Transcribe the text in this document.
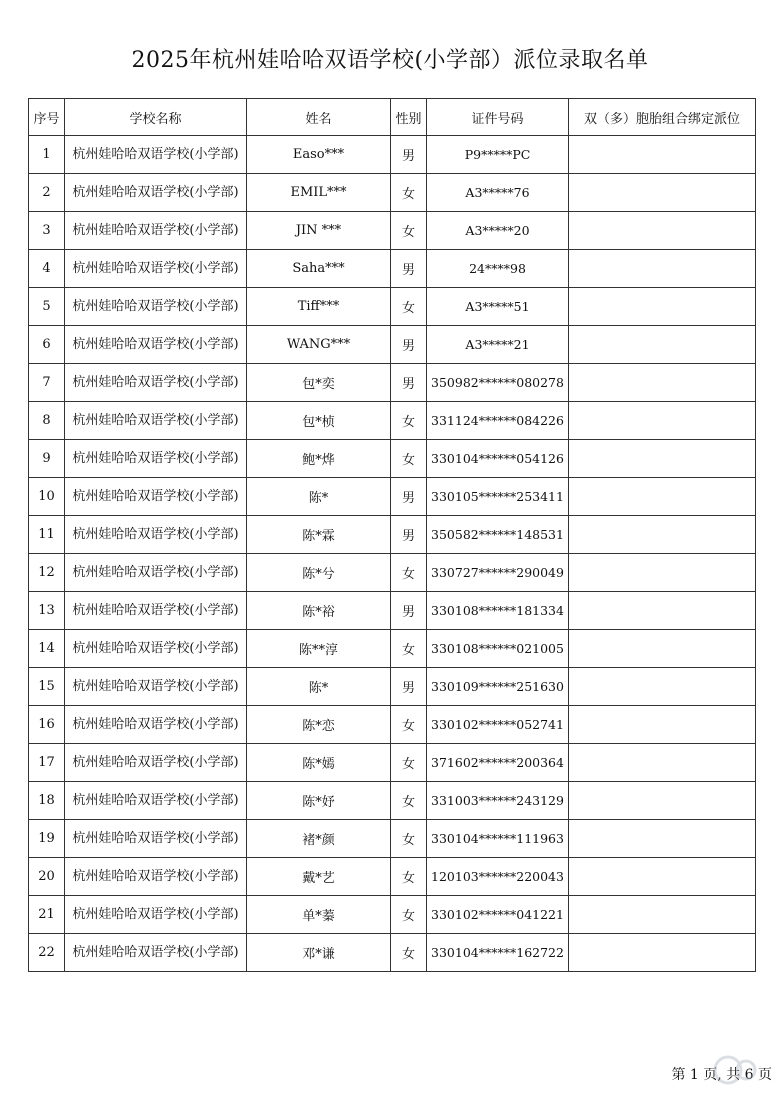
2025年杭州娃哈哈双语学校(小学部）派位录取名单
序号	学校名称	姓名	性别	证件号码	双（多）胞胎组合绑定派位
1	杭州娃哈哈双语学校(小学部)	Easo***	男	P9*****PC	
2	杭州娃哈哈双语学校(小学部)	EMIL***	女	A3*****76	
3	杭州娃哈哈双语学校(小学部)	JIN ***	女	A3*****20	
4	杭州娃哈哈双语学校(小学部)	Saha***	男	24****98	
5	杭州娃哈哈双语学校(小学部)	Tiff***	女	A3*****51	
6	杭州娃哈哈双语学校(小学部)	WANG***	男	A3*****21	
7	杭州娃哈哈双语学校(小学部)	包*奕	男	350982******080278	
8	杭州娃哈哈双语学校(小学部)	包*桢	女	331124******084226	
9	杭州娃哈哈双语学校(小学部)	鲍*烨	女	330104******054126	
10	杭州娃哈哈双语学校(小学部)	陈*	男	330105******253411	
11	杭州娃哈哈双语学校(小学部)	陈*霖	男	350582******148531	
12	杭州娃哈哈双语学校(小学部)	陈*兮	女	330727******290049	
13	杭州娃哈哈双语学校(小学部)	陈*裕	男	330108******181334	
14	杭州娃哈哈双语学校(小学部)	陈**淳	女	330108******021005	
15	杭州娃哈哈双语学校(小学部)	陈*	男	330109******251630	
16	杭州娃哈哈双语学校(小学部)	陈*恋	女	330102******052741	
17	杭州娃哈哈双语学校(小学部)	陈*嫣	女	371602******200364	
18	杭州娃哈哈双语学校(小学部)	陈*妤	女	331003******243129	
19	杭州娃哈哈双语学校(小学部)	褚*颜	女	330104******111963	
20	杭州娃哈哈双语学校(小学部)	戴*艺	女	120103******220043	
21	杭州娃哈哈双语学校(小学部)	单*蓁	女	330102******041221	
22	杭州娃哈哈双语学校(小学部)	邓*谦	女	330104******162722	
第 1 页, 共 6 页
